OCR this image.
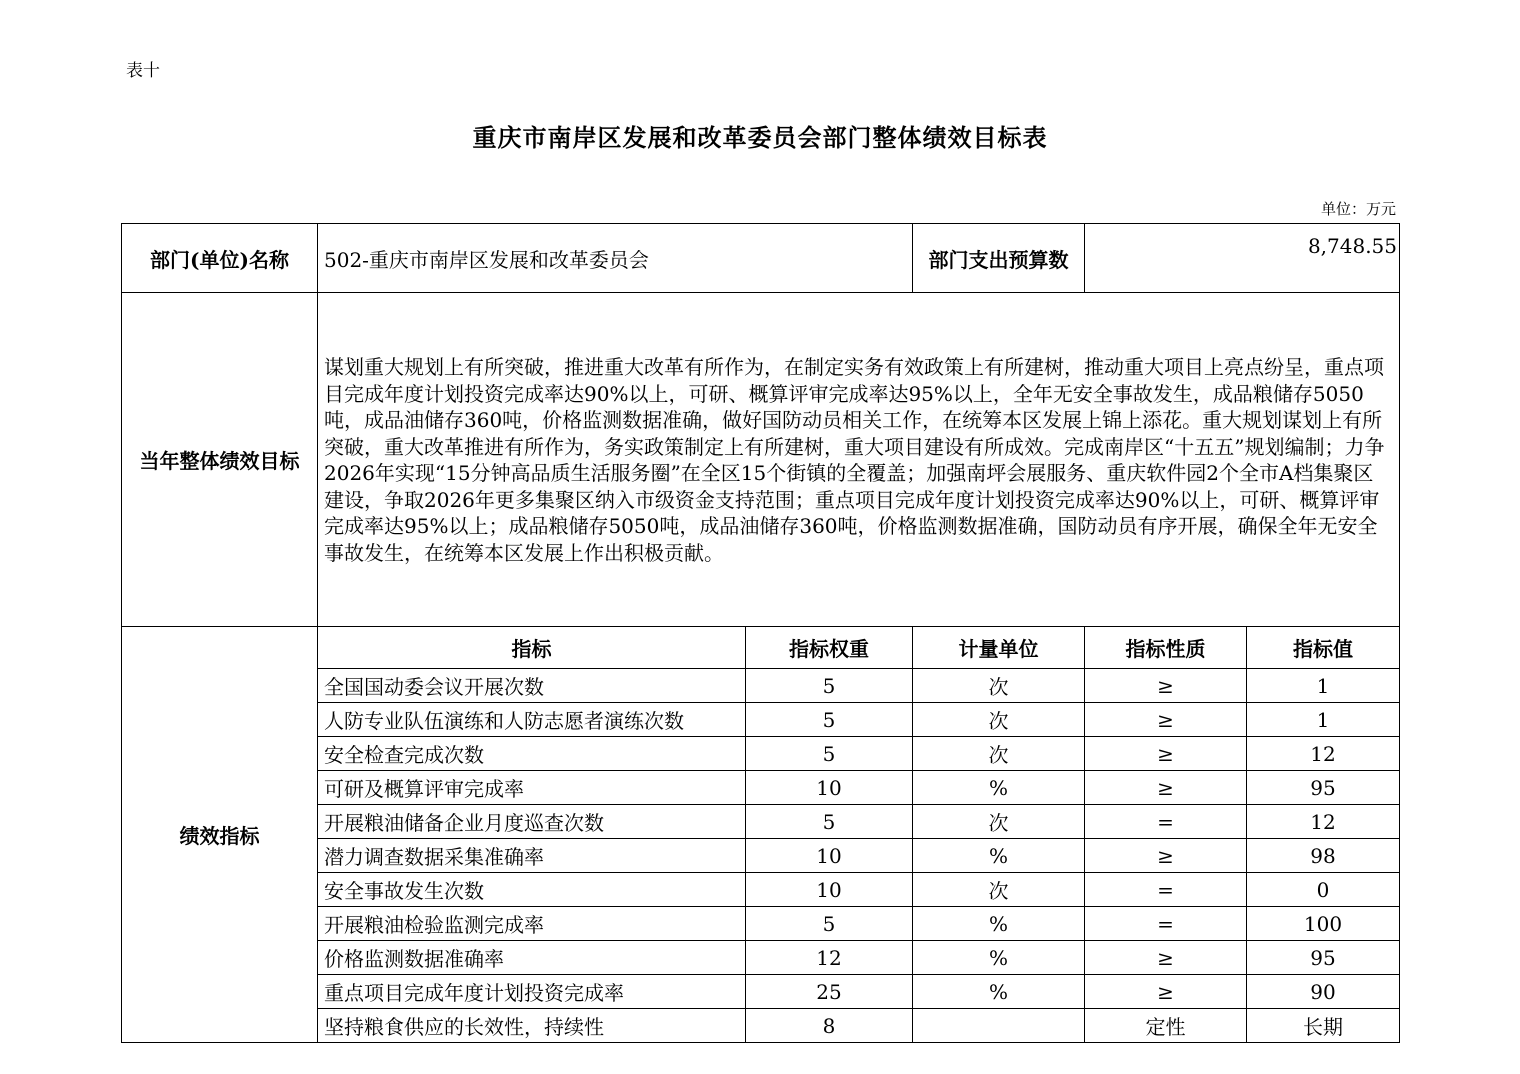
表十
重庆市南岸区发展和改革委员会部门整体绩效目标表
单位：万元
部门(单位)名称	502-重庆市南岸区发展和改革委员会		部门支出预算数	8,748.55	
当年整体绩效目标	谋划重大规划上有所突破，推进重大改革有所作为，在制定实务有效政策上有所建树，推动重大项目上亮点纷呈，重点项目完成年度计划投资完成率达90%以上，可研、概算评审完成率达95%以上，全年无安全事故发生，成品粮储存5050吨，成品油储存360吨，价格监测数据准确，做好国防动员相关工作，在统筹本区发展上锦上添花。重大规划谋划上有所突破，重大改革推进有所作为，务实政策制定上有所建树，重大项目建设有所成效。完成南岸区“十五五”规划编制；力争2026年实现“15分钟高品质生活服务圈”在全区15个街镇的全覆盖；加强南坪会展服务、重庆软件园2个全市A档集聚区建设，争取2026年更多集聚区纳入市级资金支持范围；重点项目完成年度计划投资完成率达90%以上，可研、概算评审完成率达95%以上；成品粮储存5050吨，成品油储存360吨，价格监测数据准确，国防动员有序开展，确保全年无安全事故发生，在统筹本区发展上作出积极贡献。				
绩效指标	指标	指标权重	计量单位	指标性质	指标值
	全国国动委会议开展次数	5	次	≥	1
	人防专业队伍演练和人防志愿者演练次数	5	次	≥	1
	安全检查完成次数	5	次	≥	12
	可研及概算评审完成率	10	%	≥	95
	开展粮油储备企业月度巡查次数	5	次	=	12
	潜力调查数据采集准确率	10	%	≥	98
	安全事故发生次数	10	次	=	0
	开展粮油检验监测完成率	5	%	=	100
	价格监测数据准确率	12	%	≥	95
	重点项目完成年度计划投资完成率	25	%	≥	90
	坚持粮食供应的长效性，持续性	8		定性	长期
